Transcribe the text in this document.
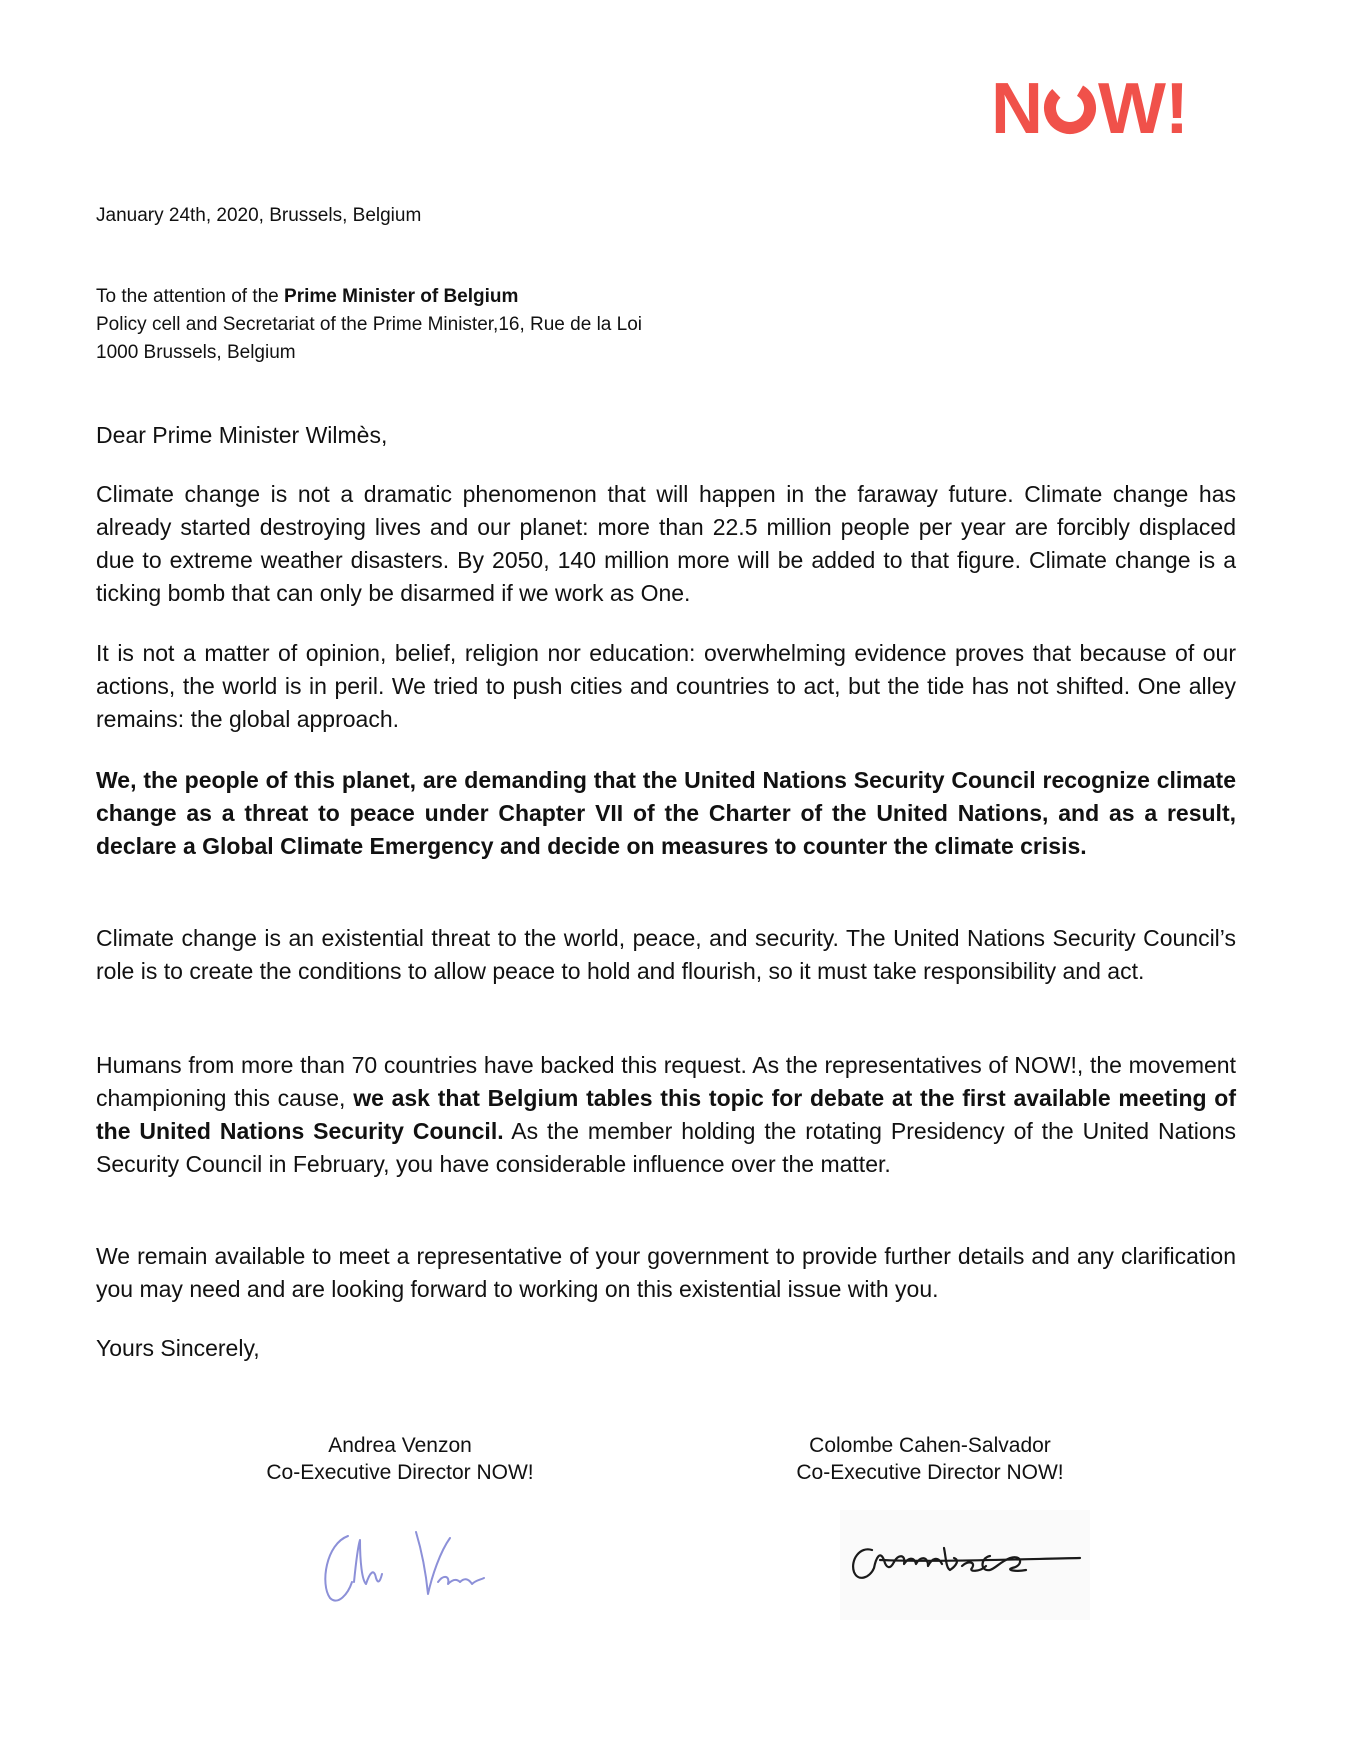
N W!
January 24th, 2020, Brussels, Belgium
To the attention of the Prime Minister of Belgium
Policy cell and Secretariat of the Prime Minister,16, Rue de la Loi
1000 Brussels, Belgium
Dear Prime Minister Wilmès,

Climate change is not a dramatic phenomenon that will happen in the faraway future. Climate change has already started destroying lives and our planet: more than 22.5 million people per year are forcibly displaced due to extreme weather disasters. By 2050, 140 million more will be added to that figure. Climate change is a ticking bomb that can only be disarmed if we work as One.

It is not a matter of opinion, belief, religion nor education: overwhelming evidence proves that because of our actions, the world is in peril. We tried to push cities and countries to act, but the tide has not shifted. One alley remains: the global approach.

We, the people of this planet, are demanding that the United Nations Security Council recognize climate change as a threat to peace under Chapter VII of the Charter of the United Nations, and as a result, declare a Global Climate Emergency and decide on measures to counter the climate crisis.

Climate change is an existential threat to the world, peace, and security. The United Nations Security Council’s role is to create the conditions to allow peace to hold and flourish, so it must take responsibility and act.

Humans from more than 70 countries have backed this request. As the representatives of NOW!, the movement championing this cause, we ask that Belgium tables this topic for debate at the first available meeting of the United Nations Security Council. As the member holding the rotating Presidency of the United Nations Security Council in February, you have considerable influence over the matter.

We remain available to meet a representative of your government to provide further details and any clarification you may need and are looking forward to working on this existential issue with you.

Yours Sincerely,
Andrea Venzon
Co-Executive Director NOW!
Colombe Cahen-Salvador
Co-Executive Director NOW!
